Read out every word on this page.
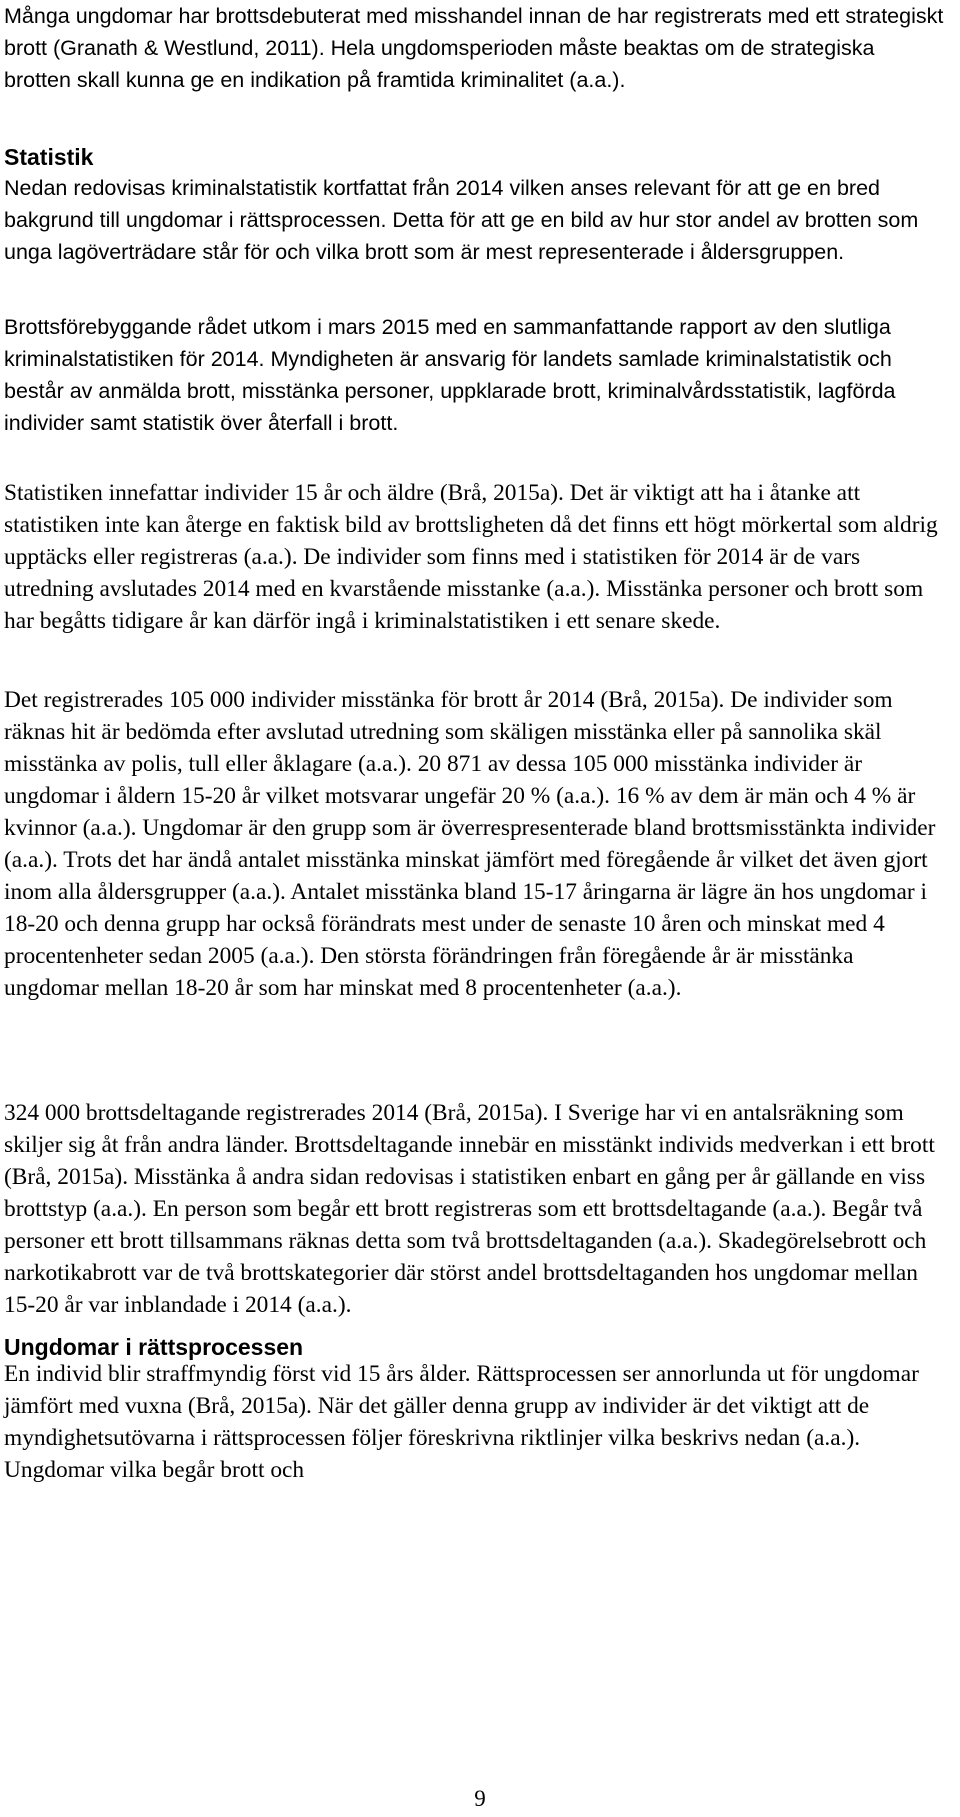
Många ungdomar har brottsdebuterat med misshandel innan de har registrerats med ett strategiskt brott (Granath & Westlund, 2011). Hela ungdomsperioden måste beaktas om de strategiska brotten skall kunna ge en indikation på framtida kriminalitet (a.a.).

Statistik

Nedan redovisas kriminalstatistik kortfattat från 2014 vilken anses relevant för att ge en bred bakgrund till ungdomar i rättsprocessen. Detta för att ge en bild av hur stor andel av brotten som unga lagöverträdare står för och vilka brott som är mest representerade i åldersgruppen.

Brottsförebyggande rådet utkom i mars 2015 med en sammanfattande rapport av den slutliga kriminalstatistiken för 2014. Myndigheten är ansvarig för landets samlade kriminalstatistik och består av anmälda brott, misstänka personer, uppklarade brott, kriminalvårdsstatistik, lagförda individer samt statistik över återfall i brott.

Statistiken innefattar individer 15 år och äldre (Brå, 2015a). Det är viktigt att ha i åtanke att statistiken inte kan återge en faktisk bild av brottsligheten då det finns ett högt mörkertal som aldrig upptäcks eller registreras (a.a.). De individer som finns med i statistiken för 2014 är de vars utredning avslutades 2014 med en kvarstående misstanke (a.a.). Misstänka personer och brott som har begåtts tidigare år kan därför ingå i kriminalstatistiken i ett senare skede.

Det registrerades 105 000 individer misstänka för brott år 2014 (Brå, 2015a). De individer som räknas hit är bedömda efter avslutad utredning som skäligen misstänka eller på sannolika skäl misstänka av polis, tull eller åklagare (a.a.). 20 871 av dessa 105 000 misstänka individer är ungdomar i åldern 15-20 år vilket motsvarar ungefär 20 % (a.a.). 16 % av dem är män och 4 % är kvinnor (a.a.). Ungdomar är den grupp som är överrespresenterade bland brottsmisstänkta individer (a.a.). Trots det har ändå antalet misstänka minskat jämfört med föregående år vilket det även gjort inom alla åldersgrupper (a.a.). Antalet misstänka bland 15-17 åringarna är lägre än hos ungdomar i 18-20 och denna grupp har också förändrats mest under de senaste 10 åren och minskat med 4 procentenheter sedan 2005 (a.a.). Den största förändringen från föregående år är misstänka ungdomar mellan 18-20 år som har minskat med 8 procentenheter (a.a.).

324 000 brottsdeltagande registrerades 2014 (Brå, 2015a). I Sverige har vi en antalsräkning som skiljer sig åt från andra länder. Brottsdeltagande innebär en misstänkt individs medverkan i ett brott (Brå, 2015a). Misstänka å andra sidan redovisas i statistiken enbart en gång per år gällande en viss brottstyp (a.a.). En person som begår ett brott registreras som ett brottsdeltagande (a.a.). Begår två personer ett brott tillsammans räknas detta som två brottsdeltaganden (a.a.). Skadegörelsebrott och narkotikabrott var de två brottskategorier där störst andel brottsdeltaganden hos ungdomar mellan 15-20 år var inblandade i 2014 (a.a.).

Ungdomar i rättsprocessen

En individ blir straffmyndig först vid 15 års ålder. Rättsprocessen ser annorlunda ut för ungdomar jämfört med vuxna (Brå, 2015a). När det gäller denna grupp av individer är det viktigt att de myndighetsutövarna i rättsprocessen följer föreskrivna riktlinjer vilka beskrivs nedan (a.a.). Ungdomar vilka begår brott och

9
